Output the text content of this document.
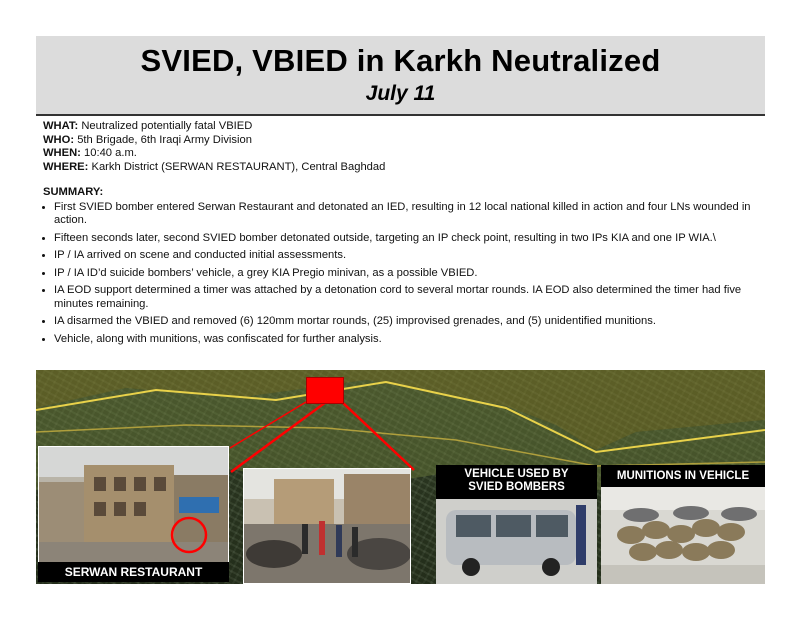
SVIED, VBIED in Karkh Neutralized
July 11
WHAT: Neutralized potentially fatal VBIED
WHO: 5th Brigade, 6th Iraqi Army Division
WHEN: 10:40 a.m.
WHERE: Karkh District (SERWAN RESTAURANT), Central Baghdad
SUMMARY:
• First SVIED bomber entered Serwan Restaurant and detonated an IED, resulting in 12 local national killed in action and four LNs wounded in action.
• Fifteen seconds later, second SVIED bomber detonated outside, targeting an IP check point, resulting in two IPs KIA and one IP WIA.\
• IP / IA arrived on scene and conducted initial assessments.
• IP / IA ID’d suicide bombers’ vehicle, a grey KIA Pregio minivan, as a possible VBIED.
• IA EOD support determined a timer was attached by a detonation cord to several mortar rounds. IA EOD also determined the timer had five minutes remaining.
• IA disarmed the VBIED and removed (6) 120mm mortar rounds, (25) improvised grenades, and (5) unidentified munitions.
• Vehicle, along with munitions, was confiscated for further analysis.
SERWAN RESTAURANT
VEHICLE USED BY
SVIED BOMBERS
MUNITIONS IN VEHICLE
